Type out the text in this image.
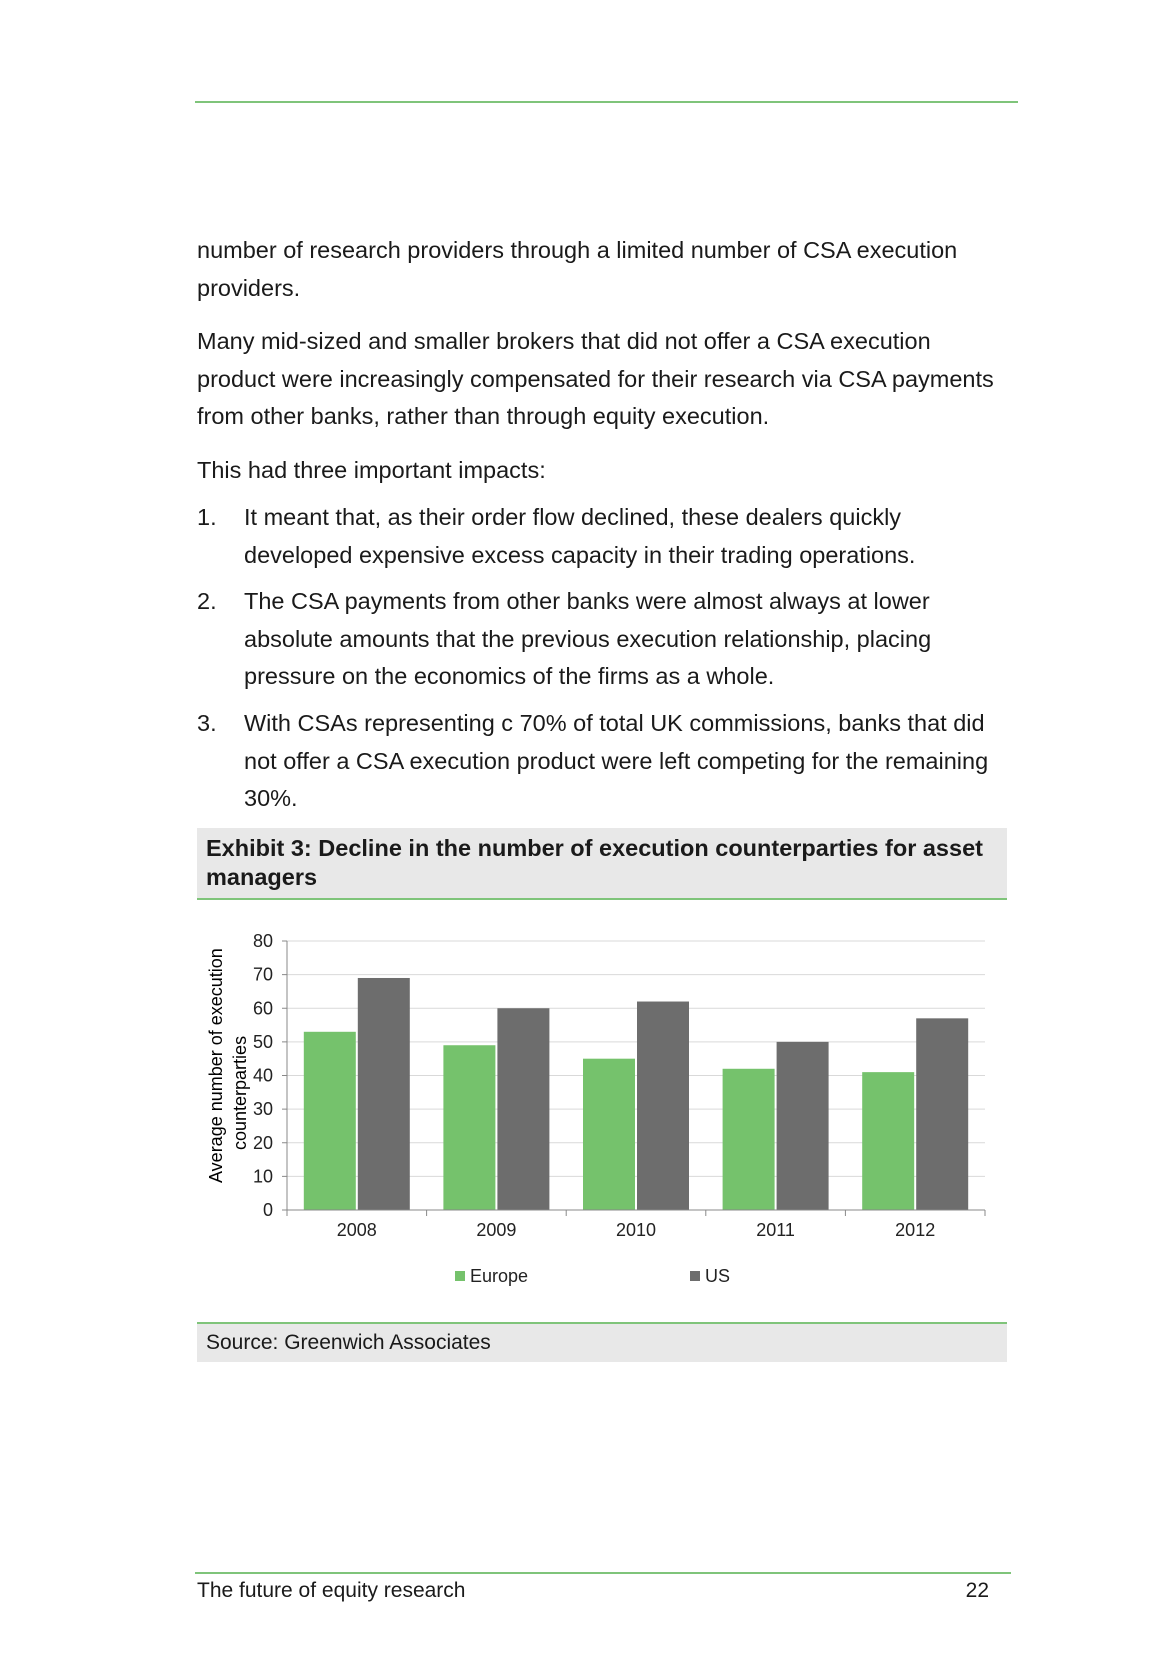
number of research providers through a limited number of CSA execution providers.

Many mid-sized and smaller brokers that did not offer a CSA execution product were increasingly compensated for their research via CSA payments from other banks, rather than through equity execution.

This had three important impacts:

1. It meant that, as their order flow declined, these dealers quickly developed expensive excess capacity in their trading operations.
2. The CSA payments from other banks were almost always at lower absolute amounts that the previous execution relationship, placing pressure on the economics of the firms as a whole.
3. With CSAs representing c 70% of total UK commissions, banks that did not offer a CSA execution product were left competing for the remaining 30%.
Exhibit 3: Decline in the number of execution counterparties for asset managers
0
10
20
30
40
50
60
70
80
2008	2009	2010	2011	2012
Average number of execution counterparties
Europe	US
Source: Greenwich Associates
The future of equity research	22
